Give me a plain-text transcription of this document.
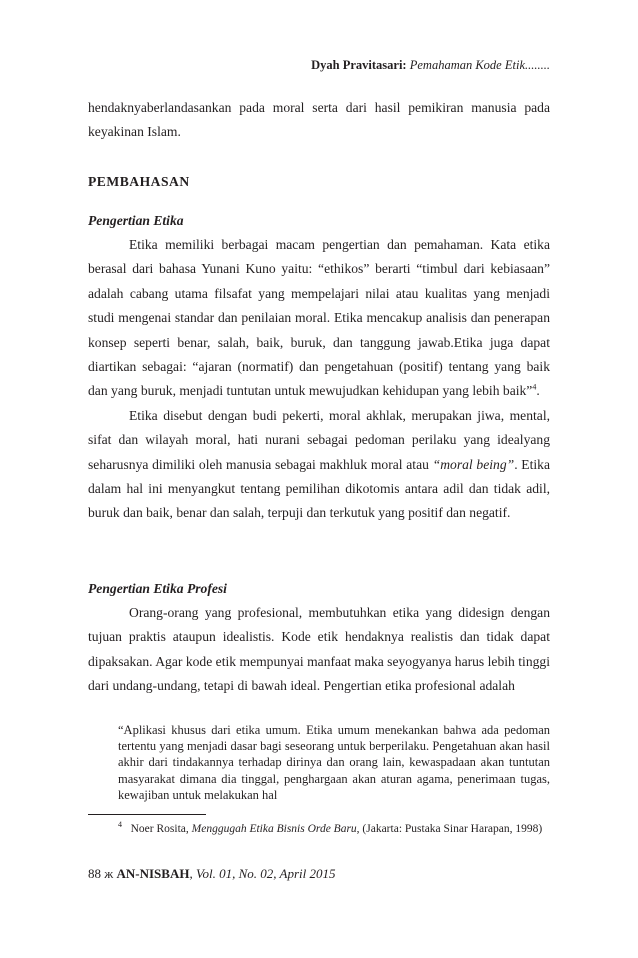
Dyah Pravitasari: Pemahaman Kode Etik........

hendaknyaberlandasankan pada moral serta dari hasil pemikiran manusia pada keyakinan Islam.

PEMBAHASAN
Pengertian Etika

Etika memiliki berbagai macam pengertian dan pemahaman. Kata etika berasal dari bahasa Yunani Kuno yaitu: “ethikos” berarti “timbul dari kebiasaan” adalah cabang utama filsafat yang mempelajari nilai atau kualitas yang menjadi studi mengenai standar dan penilaian moral. Etika mencakup analisis dan penerapan konsep seperti benar, salah, baik, buruk, dan tanggung jawab.Etika juga dapat diartikan sebagai: “ajaran (normatif) dan pengetahuan (positif) tentang yang baik dan yang buruk, menjadi tuntutan untuk mewujudkan kehidupan yang lebih baik”$^4$.

Etika disebut dengan budi pekerti, moral akhlak, merupakan jiwa, mental, sifat dan wilayah moral, hati nurani sebagai pedoman perilaku yang idealyang seharusnya dimiliki oleh manusia sebagai makhluk moral atau “moral being”. Etika dalam hal ini menyangkut tentang pemilihan dikotomis antara adil dan tidak adil, buruk dan baik, benar dan salah, terpuji dan terkutuk yang positif dan negatif.

Pengertian Etika Profesi

Orang-orang yang profesional, membutuhkan etika yang didesign dengan tujuan praktis ataupun idealistis. Kode etik hendaknya realistis dan tidak dapat dipaksakan. Agar kode etik mempunyai manfaat maka seyogyanya harus lebih tinggi dari undang-undang, tetapi di bawah ideal. Pengertian etika profesional adalah

“Aplikasi khusus dari etika umum. Etika umum menekankan bahwa ada pedoman tertentu yang menjadi dasar bagi seseorang untuk berperilaku. Pengetahuan akan hasil akhir dari tindakannya terhadap dirinya dan orang lain, kewaspadaan akan tuntutan masyarakat dimana dia tinggal, penghargaan akan aturan agama, penerimaan tugas, kewajiban untuk melakukan hal
$^4$ Noer Rosita, Menggugah Etika Bisnis Orde Baru, (Jakarta: Pustaka Sinar Harapan, 1998)
88 ж AN-NISBAH, Vol. 01, No. 02, April 2015
